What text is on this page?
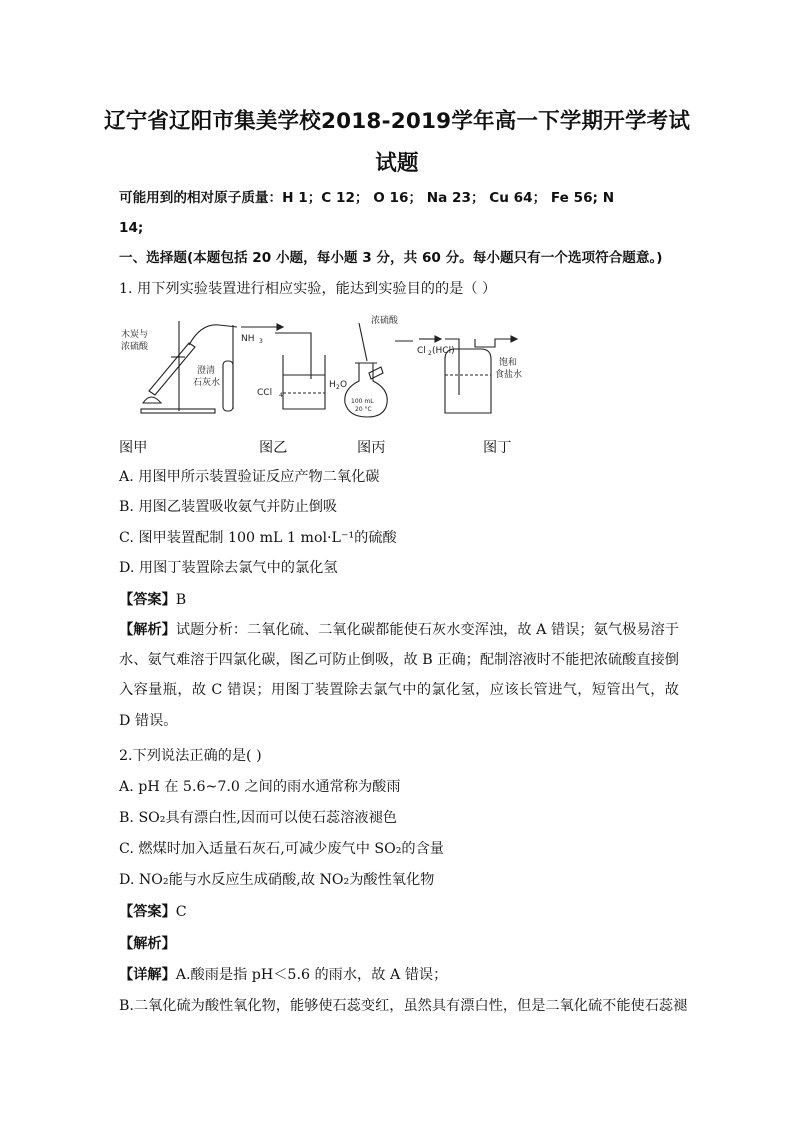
辽宁省辽阳市集美学校2018-2019学年高一下学期开学考试
试题
可能用到的相对原子质量：H 1；C 12； O 16； Na 23； Cu 64； Fe 56; N
14;
一、选择题(本题包括 20 小题，每小题 3 分，共 60 分。每小题只有一个选项符合题意。)
1. 用下列实验装置进行相应实验，能达到实验目的的是（ ）
木炭与
浓硫酸
澄清
石灰水
NH 3
CCl 4
H 2 O
浓硫酸
100 mL
20 °C
Cl 2 (HCl)
饱和
食盐水
图甲	图乙	图丙	图丁
A. 用图甲所示装置验证反应产物二氧化碳
B. 用图乙装置吸收氨气并防止倒吸
C. 图甲装置配制 100 mL 1 mol·L⁻¹的硫酸
D. 用图丁装置除去氯气中的氯化氢
【答案】B
【解析】试题分析：二氧化硫、二氧化碳都能使石灰水变浑浊，故 A 错误；氨气极易溶于水、氨气难溶于四氯化碳，图乙可防止倒吸，故 B 正确；配制溶液时不能把浓硫酸直接倒入容量瓶，故 C 错误；用图丁装置除去氯气中的氯化氢，应该长管进气，短管出气，故 D 错误。
2.下列说法正确的是( )
A. pH 在 5.6~7.0 之间的雨水通常称为酸雨
B. SO₂具有漂白性,因而可以使石蕊溶液褪色
C. 燃煤时加入适量石灰石,可减少废气中 SO₂的含量
D. NO₂能与水反应生成硝酸,故 NO₂为酸性氧化物
【答案】C
【解析】
【详解】A.酸雨是指 pH＜5.6 的雨水，故 A 错误；
B.二氧化硫为酸性氧化物，能够使石蕊变红，虽然具有漂白性，但是二氧化硫不能使石蕊褪
